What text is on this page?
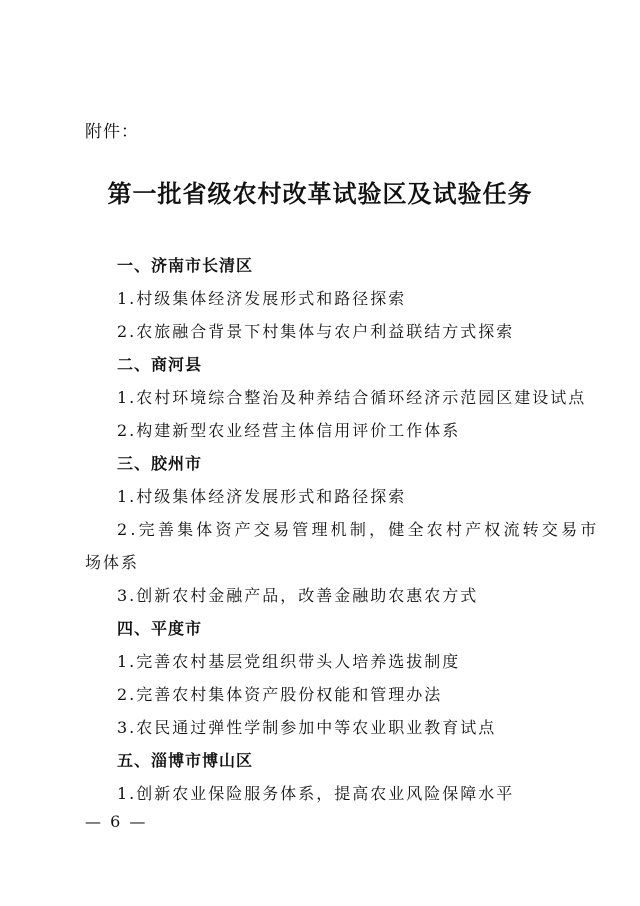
附件：
第一批省级农村改革试验区及试验任务
一、济南市长清区
1.村级集体经济发展形式和路径探索
2.农旅融合背景下村集体与农户利益联结方式探索
二、商河县
1.农村环境综合整治及种养结合循环经济示范园区建设试点
2.构建新型农业经营主体信用评价工作体系
三、胶州市
1.村级集体经济发展形式和路径探索
2.完善集体资产交易管理机制，健全农村产权流转交易市
场体系
3.创新农村金融产品，改善金融助农惠农方式
四、平度市
1.完善农村基层党组织带头人培养选拔制度
2.完善农村集体资产股份权能和管理办法
3.农民通过弹性学制参加中等农业职业教育试点
五、淄博市博山区
1.创新农业保险服务体系，提高农业风险保障水平
— 6 —
